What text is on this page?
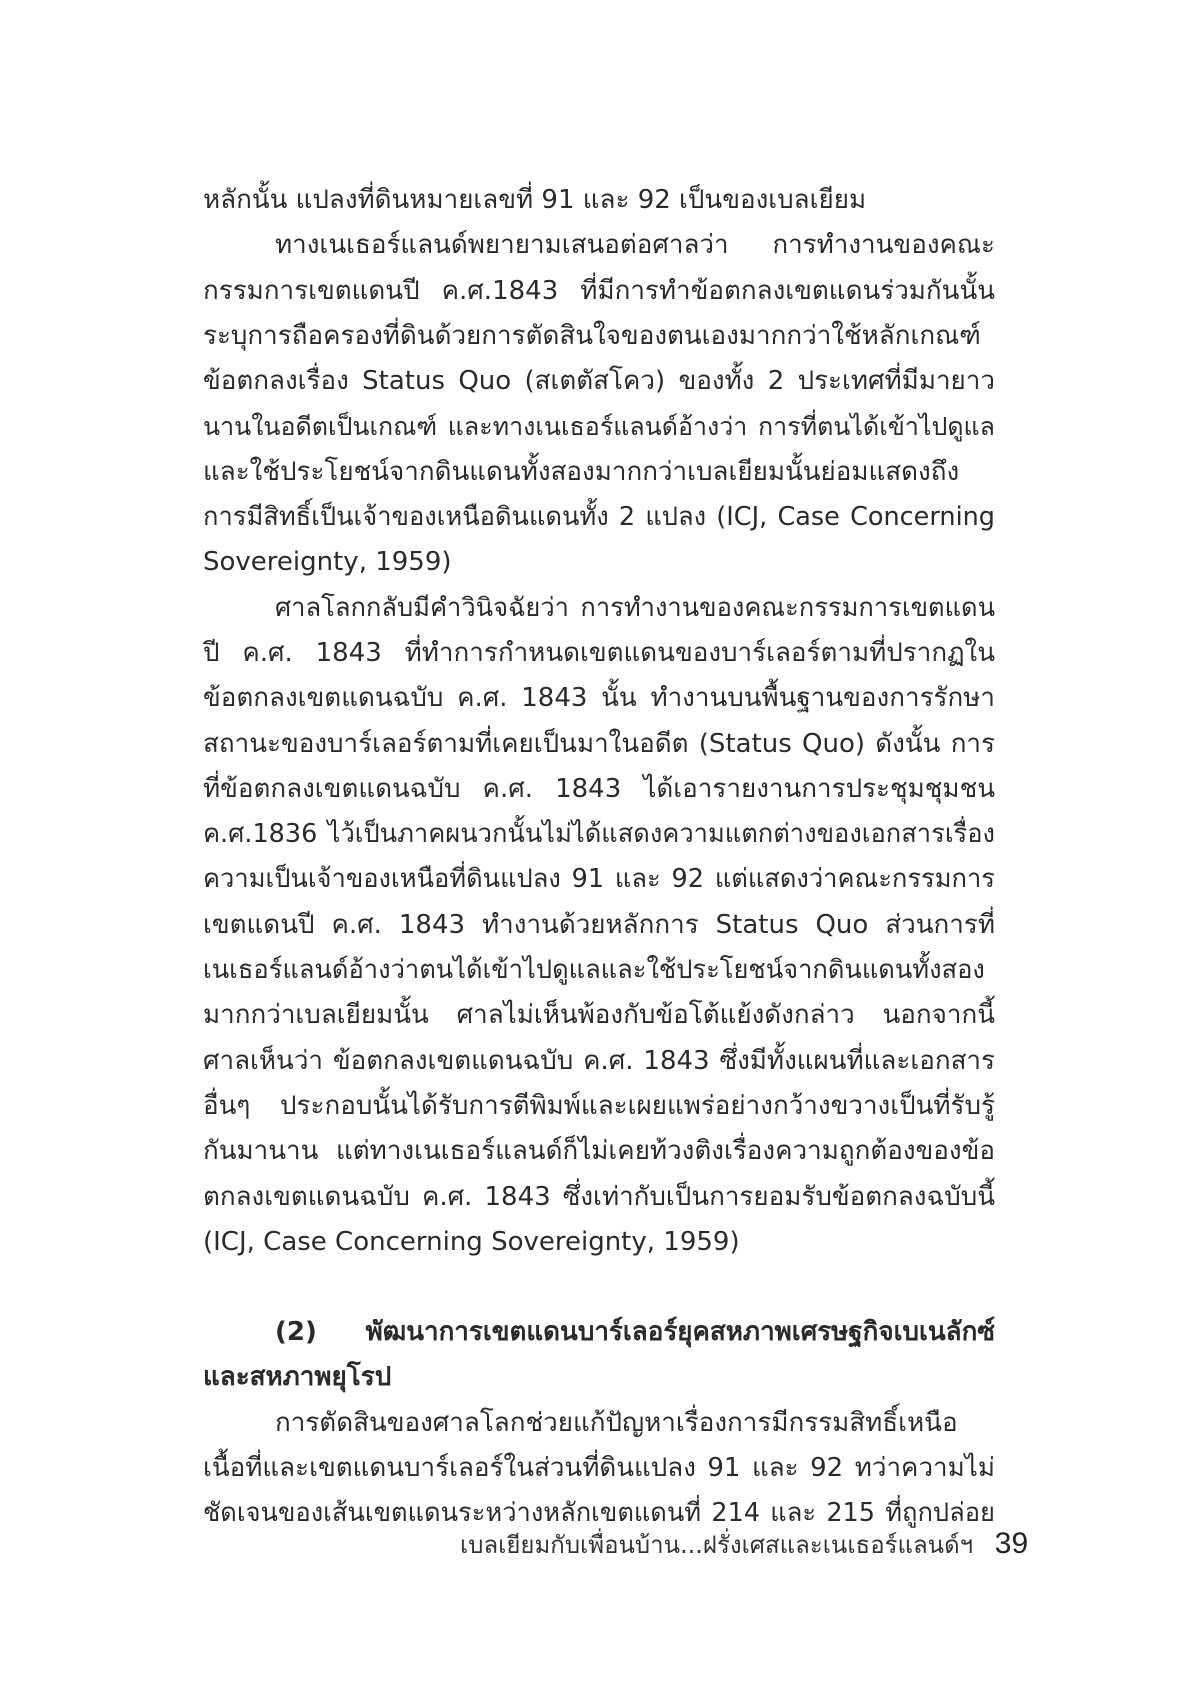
หลักนั้น แปลงที่ดินหมายเลขที่ 91 และ 92 เป็นของเบลเยียม
ทางเนเธอร์แลนด์พยายามเสนอต่อศาลว่า การทำงานของคณะ
กรรมการเขตแดนปี ค.ศ.1843 ที่มีการทำข้อตกลงเขตแดนร่วมกันนั้น
ระบุการถือครองที่ดินด้วยการตัดสินใจของตนเองมากกว่าใช้หลักเกณฑ์
ข้อตกลงเรื่อง Status Quo (สเตตัสโคว) ของทั้ง 2 ประเทศที่มีมายาว
นานในอดีตเป็นเกณฑ์ และทางเนเธอร์แลนด์อ้างว่า การที่ตนได้เข้าไปดูแล
และใช้ประโยชน์จากดินแดนทั้งสองมากกว่าเบลเยียมนั้นย่อมแสดงถึง
การมีสิทธิ์เป็นเจ้าของเหนือดินแดนทั้ง 2 แปลง (ICJ, Case Concerning
Sovereignty, 1959)
ศาลโลกกลับมีคำวินิจฉัยว่า การทำงานของคณะกรรมการเขตแดน
ปี ค.ศ. 1843 ที่ทำการกำหนดเขตแดนของบาร์เลอร์ตามที่ปรากฏใน
ข้อตกลงเขตแดนฉบับ ค.ศ. 1843 นั้น ทำงานบนพื้นฐานของการรักษา
สถานะของบาร์เลอร์ตามที่เคยเป็นมาในอดีต (Status Quo) ดังนั้น การ
ที่ข้อตกลงเขตแดนฉบับ ค.ศ. 1843 ได้เอารายงานการประชุมชุมชน
ค.ศ.1836 ไว้เป็นภาคผนวกนั้นไม่ได้แสดงความแตกต่างของเอกสารเรื่อง
ความเป็นเจ้าของเหนือที่ดินแปลง 91 และ 92 แต่แสดงว่าคณะกรรมการ
เขตแดนปี ค.ศ. 1843 ทำงานด้วยหลักการ Status Quo ส่วนการที่
เนเธอร์แลนด์อ้างว่าตนได้เข้าไปดูแลและใช้ประโยชน์จากดินแดนทั้งสอง
มากกว่าเบลเยียมนั้น ศาลไม่เห็นพ้องกับข้อโต้แย้งดังกล่าว นอกจากนี้
ศาลเห็นว่า ข้อตกลงเขตแดนฉบับ ค.ศ. 1843 ซึ่งมีทั้งแผนที่และเอกสาร
อื่นๆ ประกอบนั้นได้รับการตีพิมพ์และเผยแพร่อย่างกว้างขวางเป็นที่รับรู้
กันมานาน แต่ทางเนเธอร์แลนด์ก็ไม่เคยท้วงติงเรื่องความถูกต้องของข้อ
ตกลงเขตแดนฉบับ ค.ศ. 1843 ซึ่งเท่ากับเป็นการยอมรับข้อตกลงฉบับนี้
(ICJ, Case Concerning Sovereignty, 1959)
(2) พัฒนาการเขตแดนบาร์เลอร์ยุคสหภาพเศรษฐกิจเบเนลักซ์
และสหภาพยุโรป
การตัดสินของศาลโลกช่วยแก้ปัญหาเรื่องการมีกรรมสิทธิ์เหนือ
เนื้อที่และเขตแดนบาร์เลอร์ในส่วนที่ดินแปลง 91 และ 92 ทว่าความไม่
ชัดเจนของเส้นเขตแดนระหว่างหลักเขตแดนที่ 214 และ 215 ที่ถูกปล่อย
เบลเยียมกับเพื่อนบ้าน...ฝรั่งเศสและเนเธอร์แลนด์ฯ 39
